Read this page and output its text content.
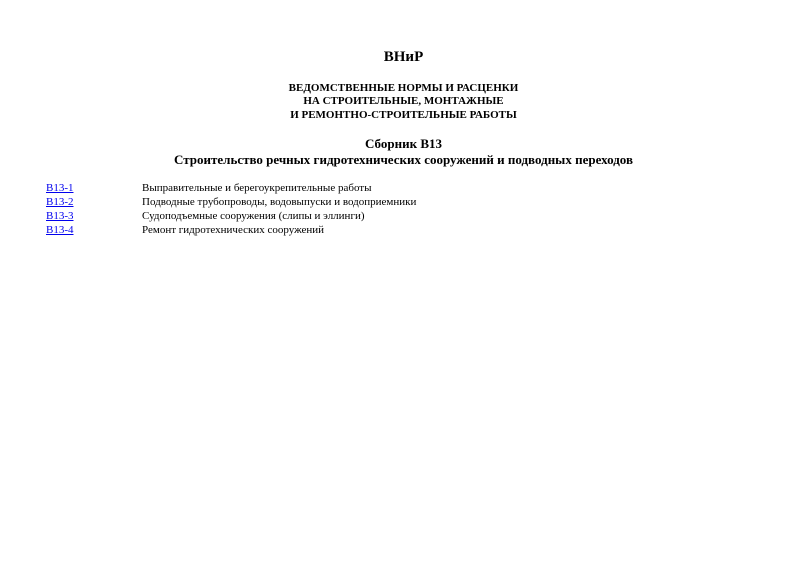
ВНиР
ВЕДОМСТВЕННЫЕ НОРМЫ И РАСЦЕНКИ
НА СТРОИТЕЛЬНЫЕ, МОНТАЖНЫЕ
И РЕМОНТНО-СТРОИТЕЛЬНЫЕ РАБОТЫ
Сборник В13
Строительство речных гидротехнических сооружений и подводных переходов
В13-1	Выправительные и берегоукрепительные работы
В13-2	Подводные трубопроводы, водовыпуски и водоприемники
В13-3	Судоподъемные сооружения (слипы и эллинги)
В13-4	Ремонт гидротехнических сооружений
